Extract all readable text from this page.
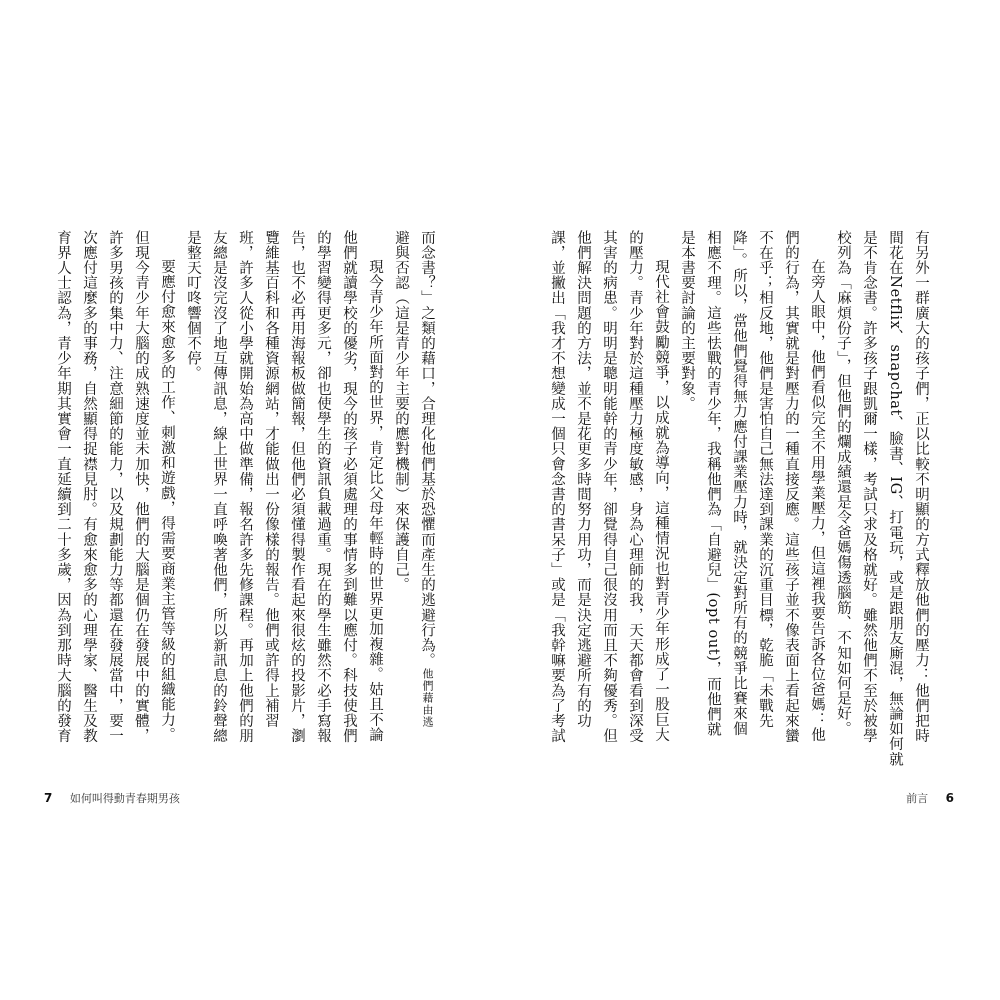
有另外一群廣大的孩子們，正以比較不明顯的方式釋放他們的壓力：他們把時
間花在Netflix、snapchat、臉書、IG、打電玩，或是跟朋友廝混，無論如何就
是不肯念書。許多孩子跟凱爾一樣，考試只求及格就好。雖然他們不至於被學
校列為「麻煩份子」，但他們的爛成績還是令爸媽傷透腦筋、不知如何是好。
在旁人眼中，他們看似完全不用學業壓力，但這裡我要告訴各位爸媽：他
們的行為，其實就是對壓力的一種直接反應。這些孩子並不像表面上看起來蠻
不在乎；相反地，他們是害怕自己無法達到課業的沉重目標，乾脆「未戰先
降」。所以，當他們覺得無力應付課業壓力時，就決定對所有的競爭比賽來個
相應不理。這些怯戰的青少年，我稱他們為「自避兒」(opt out)，而他們就
是本書要討論的主要對象。
現代社會鼓勵競爭，以成就為導向，這種情況也對青少年形成了一股巨大
的壓力。青少年對於這種壓力極度敏感，身為心理師的我，天天都會看到深受
其害的病患。明明是聰明能幹的青少年，卻覺得自己很沒用而且不夠優秀。但
他們解決問題的方法，並不是花更多時間努力用功，而是決定逃避所有的功
課，並撇出「我才不想變成一個只會念書的書呆子」或是「我幹嘛要為了考試
前言 6
而念書？」之類的藉口，合理化他們基於恐懼而產生的逃避行為。他們藉由逃
避與否認（這是青少年主要的應對機制）來保護自己。
現今青少年所面對的世界，肯定比父母年輕時的世界更加複雜。姑且不論
他們就讀學校的優劣，現今的孩子必須處理的事情多到難以應付。科技使我們
的學習變得更多元，卻也使學生的資訊負載過重。現在的學生雖然不必手寫報
告，也不必再用海報板做簡報，但他們必須懂得製作看起來很炫的投影片，瀏
覽維基百科和各種資源網站，才能做出一份像樣的報告。他們或許得上補習
班，許多人從小學就開始為高中做準備，報名許多先修課程。再加上他們的朋
友總是沒完沒了地互傳訊息，線上世界一直呼喚著他們，所以新訊息的鈴聲總
是整天叮咚響個不停。
要應付愈來愈多的工作、刺激和遊戲，得需要商業主管等級的組織能力。
但現今青少年大腦的成熟速度並未加快，他們的大腦是個仍在發展中的實體，
許多男孩的集中力、注意細節的能力，以及規劃能力等都還在發展當中，要一
次應付這麼多的事務，自然顯得捉襟見肘。有愈來愈多的心理學家、醫生及教
育界人士認為，青少年期其實會一直延續到二十多歲，因為到那時大腦的發育
7 如何叫得動青春期男孩
